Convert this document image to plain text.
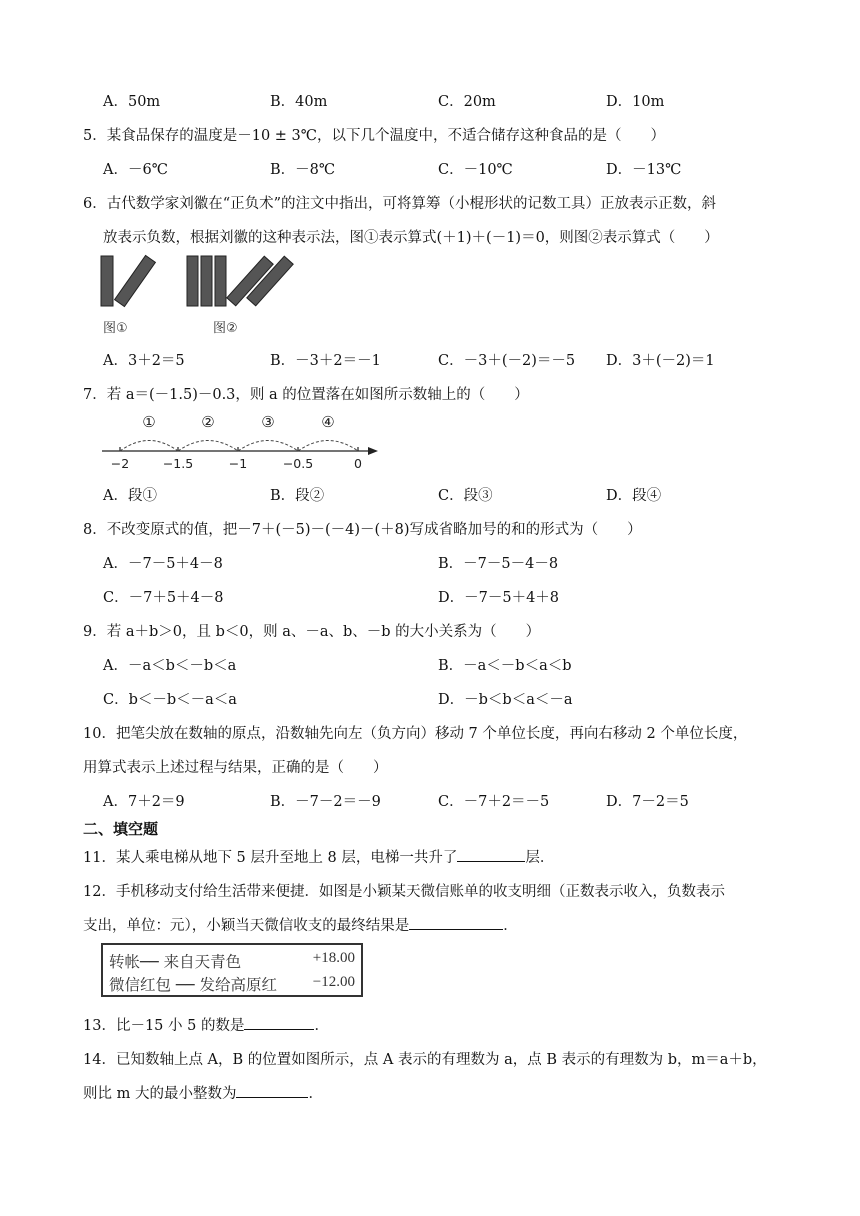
A．50m	B．40m	C．20m	D．10m
5．某食品保存的温度是－10 ± 3℃，以下几个温度中，不适合储存这种食品的是（　　）
A．－6℃	B．－8℃	C．－10℃	D．－13℃
6．古代数学家刘徽在“正负术”的注文中指出，可将算筹（小棍形状的记数工具）正放表示正数，斜
放表示负数，根据刘徽的这种表示法，图①表示算式(＋1)＋(－1)＝0，则图②表示算式（　　）
图①	图②
A．3＋2＝5	B．－3＋2＝－1	C．－3＋(－2)＝－5 D．3＋(－2)＝1
7．若 a＝(－1.5)－0.3，则 a 的位置落在如图所示数轴上的（　　）
①	②	③	④
−2	−1.5	−1	−0.5	0
A．段①	B．段②	C．段③	D．段④
8．不改变原式的值，把－7＋(－5)－(－4)－(＋8)写成省略加号的和的形式为（　　）
A．－7－5＋4－8	B．－7－5－4－8
C．－7＋5＋4－8	D．－7－5＋4＋8
9．若 a＋b＞0，且 b＜0，则 a、－a、b、－b 的大小关系为（　　）
A．－a＜b＜－b＜a	B．－a＜－b＜a＜b
C．b＜－b＜－a＜a	D．－b＜b＜a＜－a
10．把笔尖放在数轴的原点，沿数轴先向左（负方向）移动 7 个单位长度，再向右移动 2 个单位长度，
用算式表示上述过程与结果，正确的是（　　）
A．7＋2＝9	B．－7－2＝－9	C．－7＋2＝－5	D．7－2＝5
二、填空题
11．某人乘电梯从地下 5 层升至地上 8 层，电梯一共升了	层．
12．手机移动支付给生活带来便捷．如图是小颖某天微信账单的收支明细（正数表示收入，负数表示
支出，单位：元），小颖当天微信收支的最终结果是	．
转帐── 来自天青色	+18.00
微信红包 ── 发给高原红 −12.00
13．比－15 小 5 的数是	．
14．已知数轴上点 A，B 的位置如图所示，点 A 表示的有理数为 a，点 B 表示的有理数为 b，m＝a＋b，
则比 m 大的最小整数为	．
